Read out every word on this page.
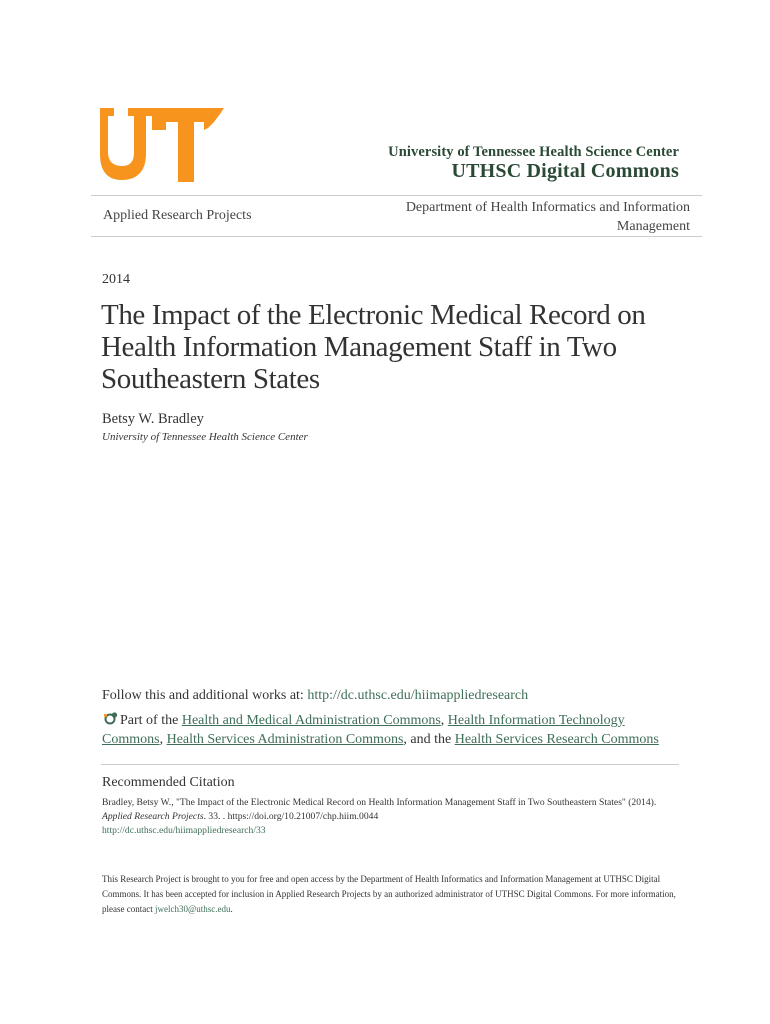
University of Tennessee Health Science Center
UTHSC Digital Commons
Applied Research Projects
Department of Health Informatics and Information Management
2014
The Impact of the Electronic Medical Record on Health Information Management Staff in Two Southeastern States
Betsy W. Bradley
University of Tennessee Health Science Center
Follow this and additional works at: http://dc.uthsc.edu/hiimappliedresearch
Part of the Health and Medical Administration Commons, Health Information Technology Commons, Health Services Administration Commons, and the Health Services Research Commons
Recommended Citation
Bradley, Betsy W., "The Impact of the Electronic Medical Record on Health Information Management Staff in Two Southeastern States" (2014). Applied Research Projects. 33. . https://doi.org/10.21007/chp.hiim.0044
http://dc.uthsc.edu/hiimappliedresearch/33
This Research Project is brought to you for free and open access by the Department of Health Informatics and Information Management at UTHSC Digital Commons. It has been accepted for inclusion in Applied Research Projects by an authorized administrator of UTHSC Digital Commons. For more information, please contact jwelch30@uthsc.edu.
